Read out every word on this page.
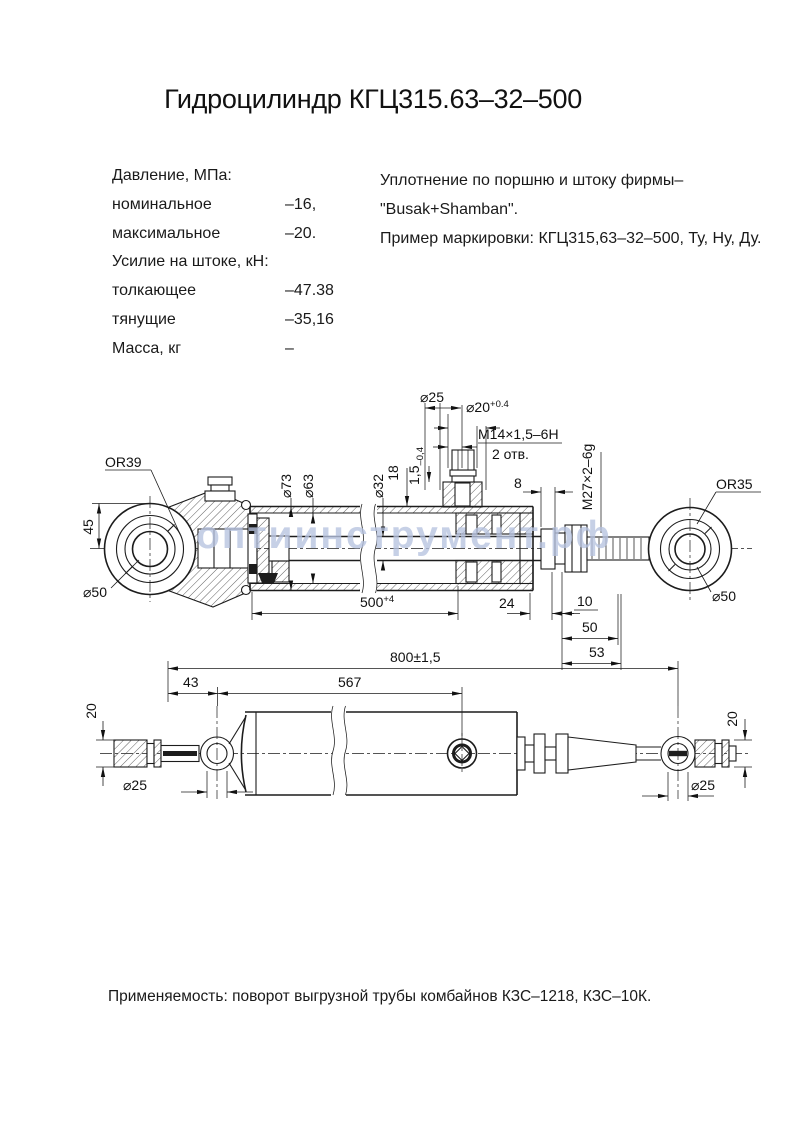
Гидроцилиндр КГЦ315.63–32–500
Давление, МПа:
номинальное	–16,
максимальное	–20.
Усилие на штоке, кН:
толкающее	–47.38
тянущие	–35,16
Масса, кг	–
Уплотнение по поршню и штоку фирмы–
"Busak+Shamban".
Пример маркировки: КГЦ315,63–32–500, Ту, Ну, Ду.
⌀25
$⌀20^{+0.4}$
М14×1,5–6Н
2 отв.
18 $1,5_{-0,4}$
⌀73 ⌀63	⌀32	8	М27×2–6g
OR39
45
⌀50
OR35
⌀50
$500^{+4}$	24	10
50
53
800±1,5
43	567
20
⌀25
20
⌀25
оптиинструмент.рф
Применяемость: поворот выгрузной трубы комбайнов КЗС–1218, КЗС–10К.
